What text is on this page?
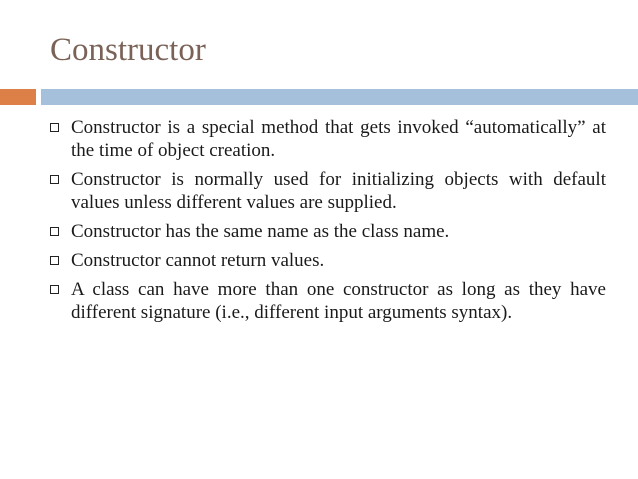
Constructor
Constructor is a special method that gets invoked “automatically” at the time of object creation.
Constructor is normally used for initializing objects with default values unless different values are supplied.
Constructor has the same name as the class name.
Constructor cannot return values.
A class can have more than one constructor as long as they have different signature (i.e., different input arguments syntax).
